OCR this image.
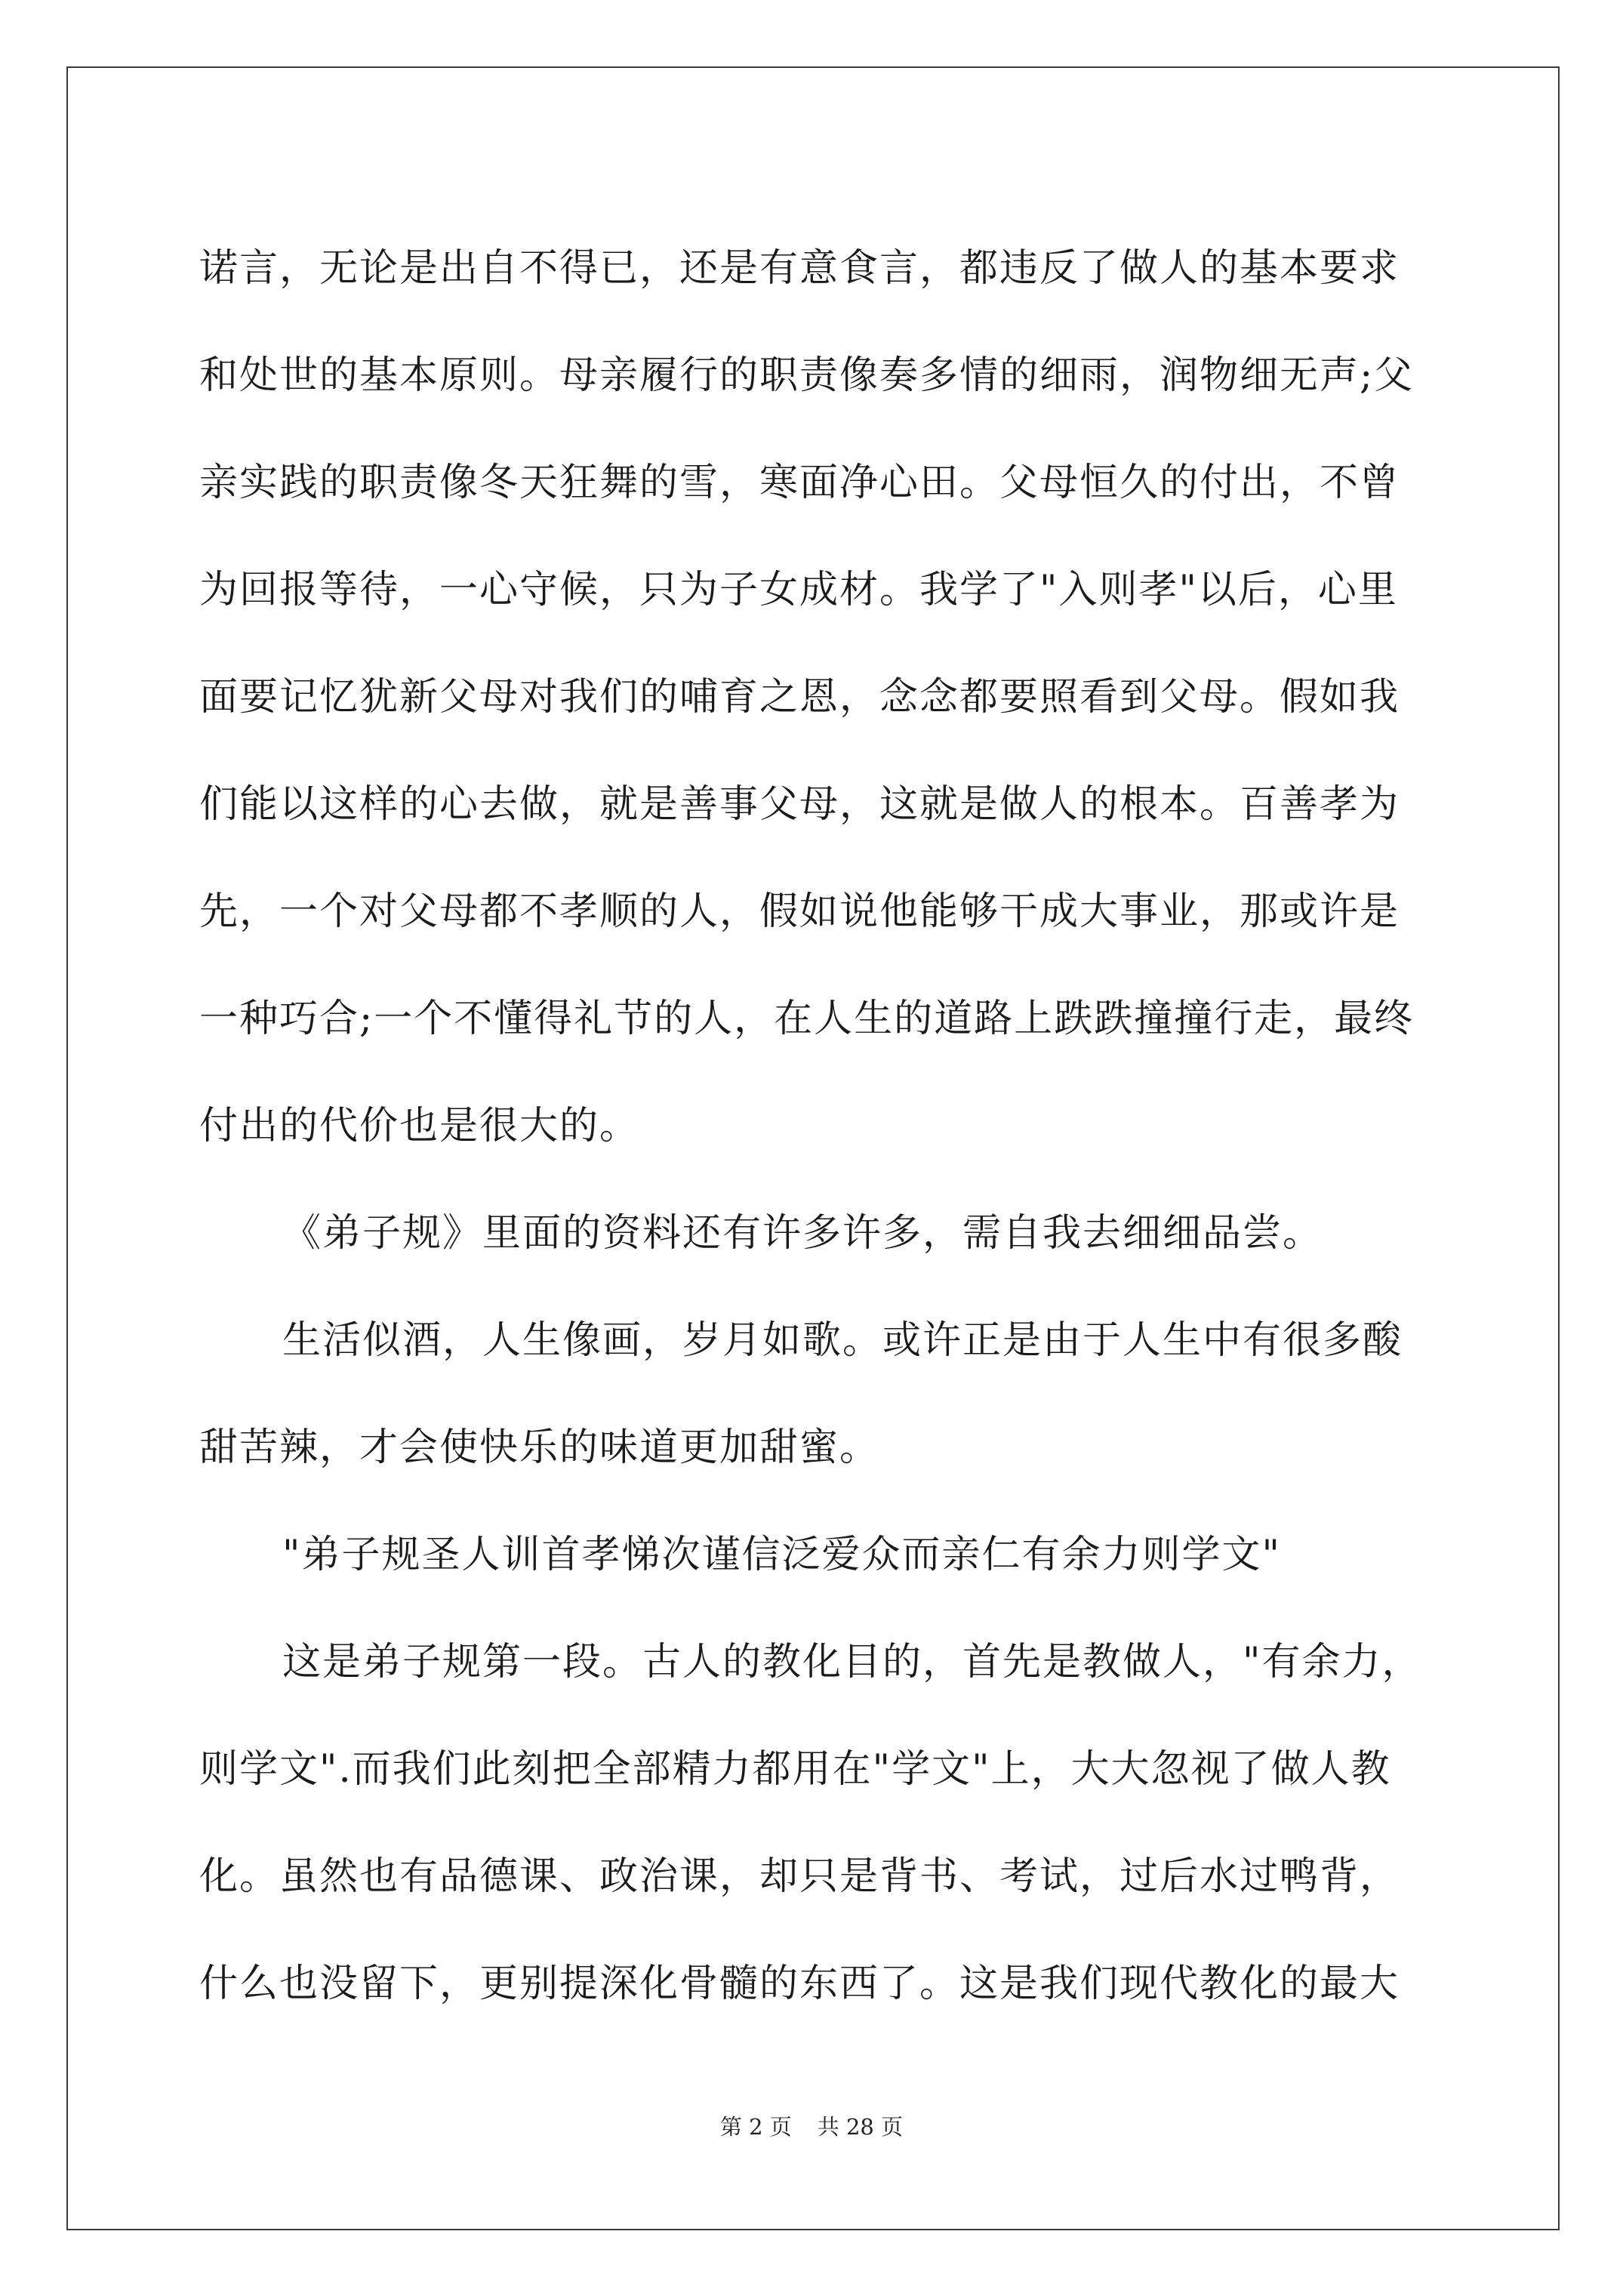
诺言，无论是出自不得已，还是有意食言，都违反了做人的基本要求
和处世的基本原则。母亲履行的职责像奏多情的细雨，润物细无声;父
亲实践的职责像冬天狂舞的雪，寒面净心田。父母恒久的付出，不曾
为回报等待，一心守候，只为子女成材。我学了"入则孝"以后，心里
面要记忆犹新父母对我们的哺育之恩，念念都要照看到父母。假如我
们能以这样的心去做，就是善事父母，这就是做人的根本。百善孝为
先，一个对父母都不孝顺的人，假如说他能够干成大事业，那或许是
一种巧合;一个不懂得礼节的人，在人生的道路上跌跌撞撞行走，最终
付出的代价也是很大的。
《弟子规》里面的资料还有许多许多，需自我去细细品尝。
生活似酒，人生像画，岁月如歌。或许正是由于人生中有很多酸
甜苦辣，才会使快乐的味道更加甜蜜。
"弟子规圣人训首孝悌次谨信泛爱众而亲仁有余力则学文"
这是弟子规第一段。古人的教化目的，首先是教做人，"有余力，
则学文".而我们此刻把全部精力都用在"学文"上，大大忽视了做人教
化。虽然也有品德课、政治课，却只是背书、考试，过后水过鸭背，
什么也没留下，更别提深化骨髓的东西了。这是我们现代教化的最大
第 2 页 共 28 页
